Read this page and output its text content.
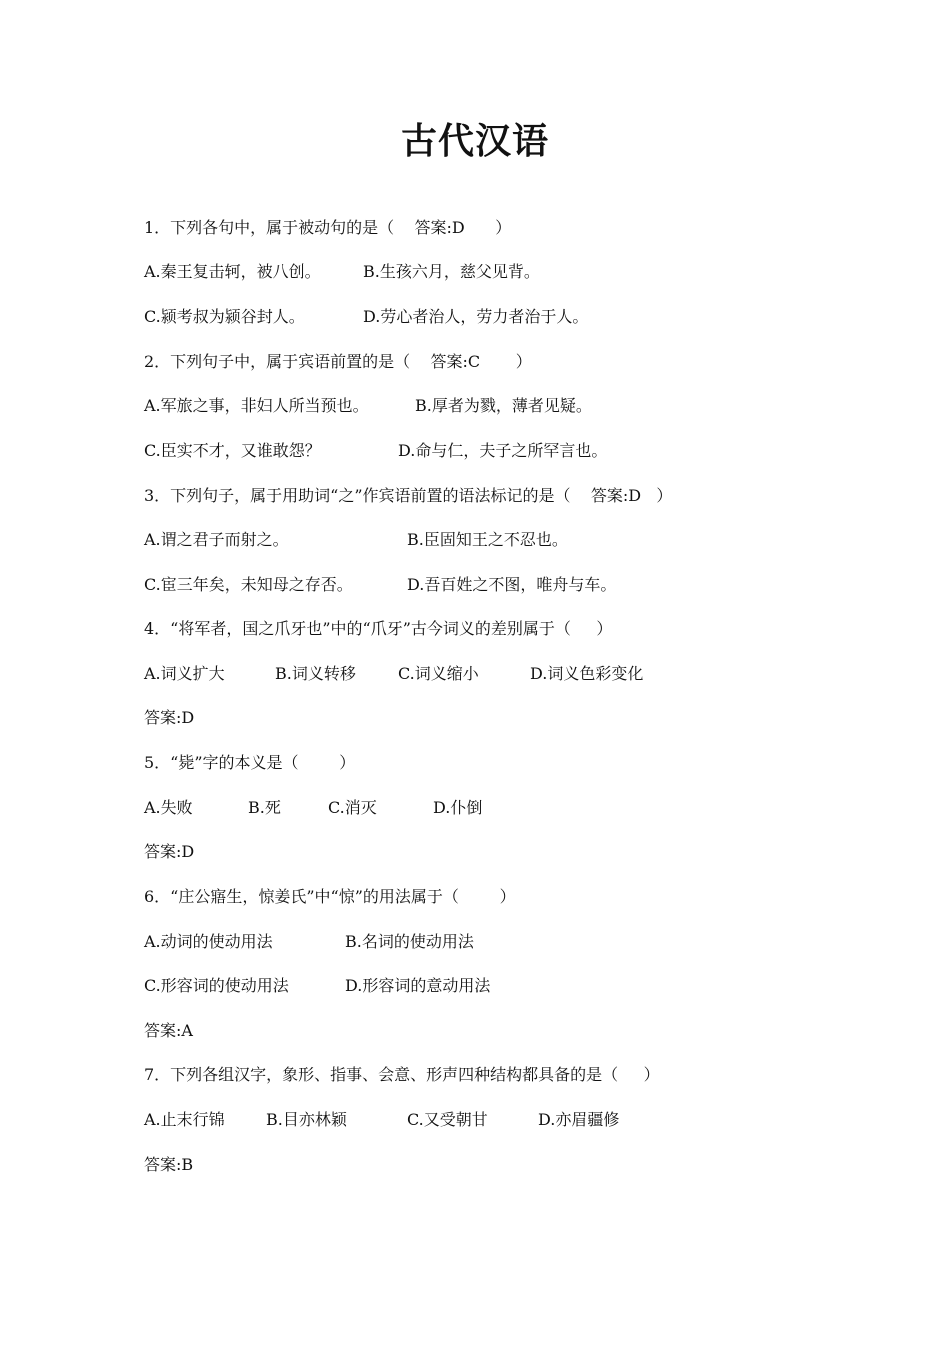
古代汉语
1．下列各句中，属于被动句的是（    答案:D      ）

A.秦王复击轲，被八创。

	B.生孩六月，慈父见背。

C.颍考叔为颍谷封人。

	D.劳心者治人，劳力者治于人。

2．下列句子中，属于宾语前置的是（    答案:C       ）

A.军旅之事，非妇人所当预也。

	B.厚者为戮，薄者见疑。

C.臣实不才，又谁敢怨？

	D.命与仁，夫子之所罕言也。

3．下列句子，属于用助词“之”作宾语前置的语法标记的是（    答案:D   ）

A.谓之君子而射之。

	B.臣固知王之不忍也。

C.宦三年矣，未知母之存否。

	D.吾百姓之不图，唯舟与车。

4．“将军者，国之爪牙也”中的“爪牙”古今词义的差别属于（     ）

A.词义扩大

	B.词义转移

	C.词义缩小

	D.词义色彩变化

答案:D
5．“毙”字的本义是（        ）

A.失败

	B.死

	C.消灭

	D.仆倒

答案:D
6．“庄公寤生，惊姜氏”中“惊”的用法属于（        ）

A.动词的使动用法

	B.名词的使动用法

C.形容词的使动用法

	D.形容词的意动用法

答案:A
7．下列各组汉字，象形、指事、会意、形声四种结构都具备的是（     ）

A.止末行锦

	B.目亦林颖

	C.又受朝甘

	D.亦眉疆修

答案:B
